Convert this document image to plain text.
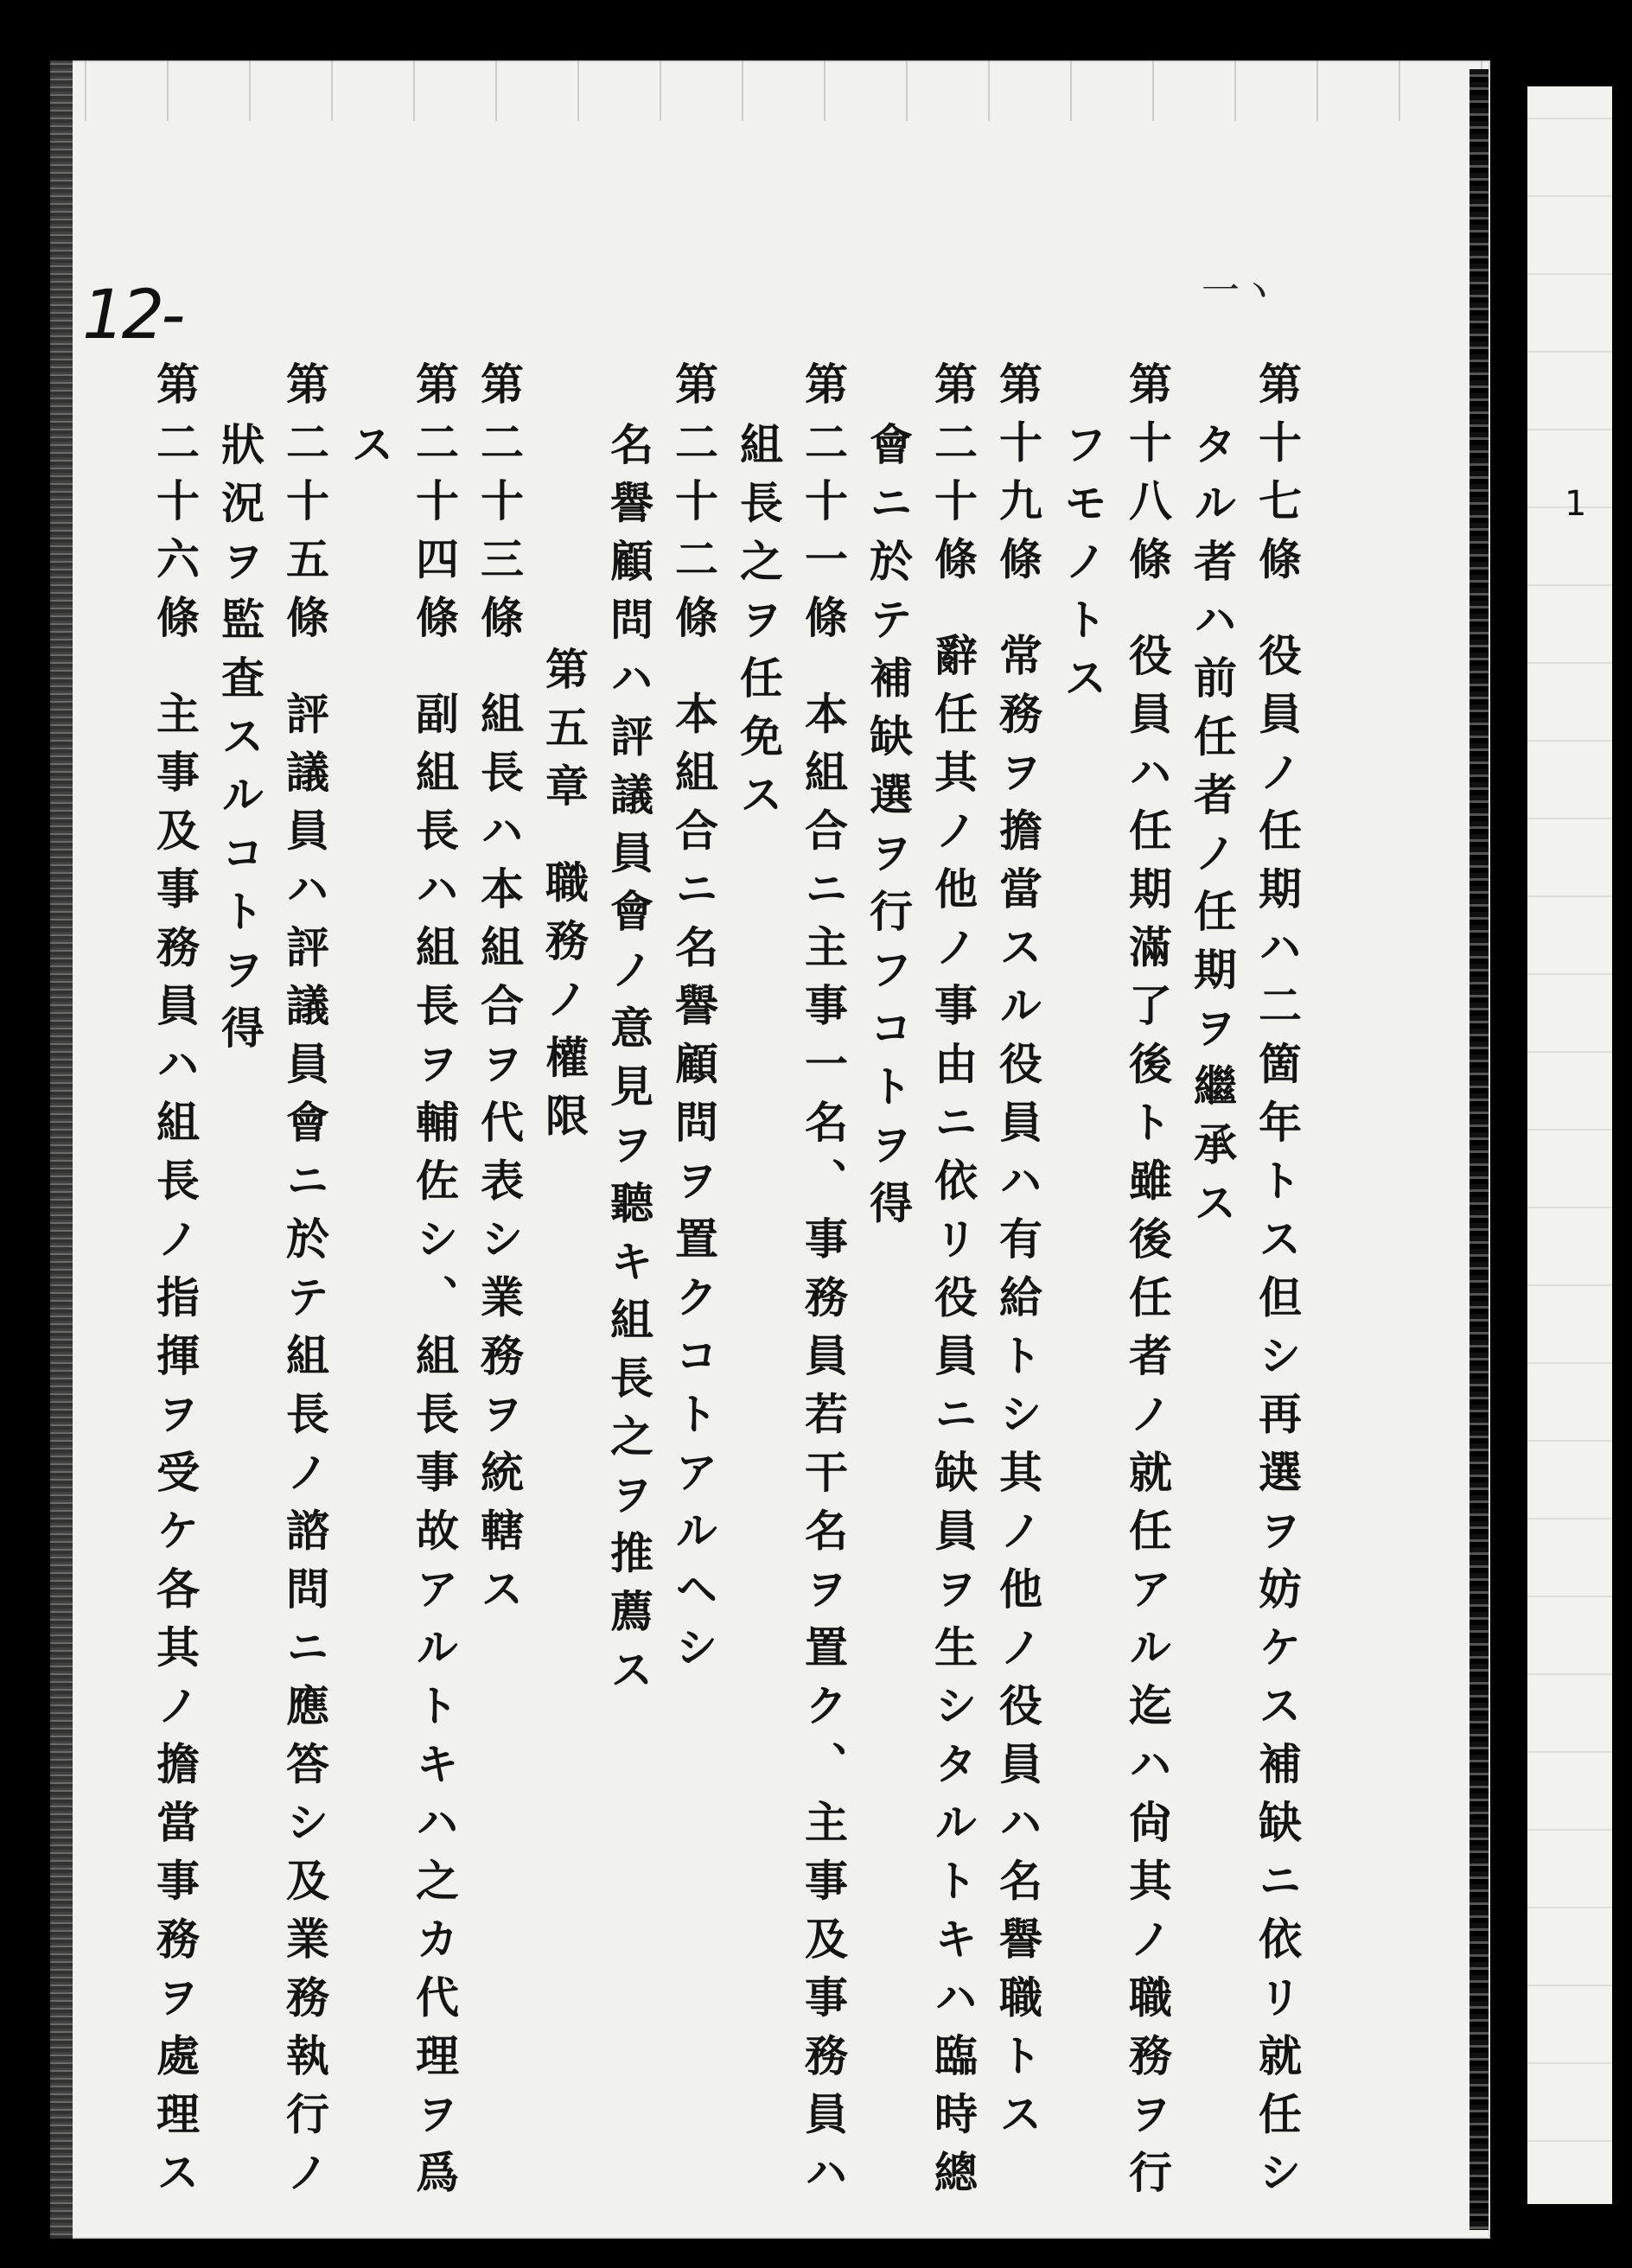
12-	一ヽ
1
第十七條役員ノ任期ハ二箇年トス但シ再選ヲ妨ケス補缺ニ依リ就任シ
タル者ハ前任者ノ任期ヲ繼承ス
第十八條役員ハ任期滿了後ト雖後任者ノ就任アル迄ハ尙其ノ職務ヲ行
フモノトス
第十九條常務ヲ擔當スル役員ハ有給トシ其ノ他ノ役員ハ名譽職トス
第二十條辭任其ノ他ノ事由ニ依リ役員ニ缺員ヲ生シタルトキハ臨時總
會ニ於テ補缺選ヲ行フコトヲ得
第二十一條本組合ニ主事一名、事務員若干名ヲ置ク、主事及事務員ハ
組長之ヲ任免ス
第二十二條本組合ニ名譽顧問ヲ置クコトアルヘシ
名譽顧問ハ評議員會ノ意見ヲ聽キ組長之ヲ推薦ス
第五章職務ノ權限
第二十三條組長ハ本組合ヲ代表シ業務ヲ統轄ス
第二十四條副組長ハ組長ヲ輔佐シ、組長事故アルトキハ之カ代理ヲ爲
ス
第二十五條評議員ハ評議員會ニ於テ組長ノ諮問ニ應答シ及業務執行ノ
狀況ヲ監査スルコトヲ得
第二十六條主事及事務員ハ組長ノ指揮ヲ受ケ各其ノ擔當事務ヲ處理ス
